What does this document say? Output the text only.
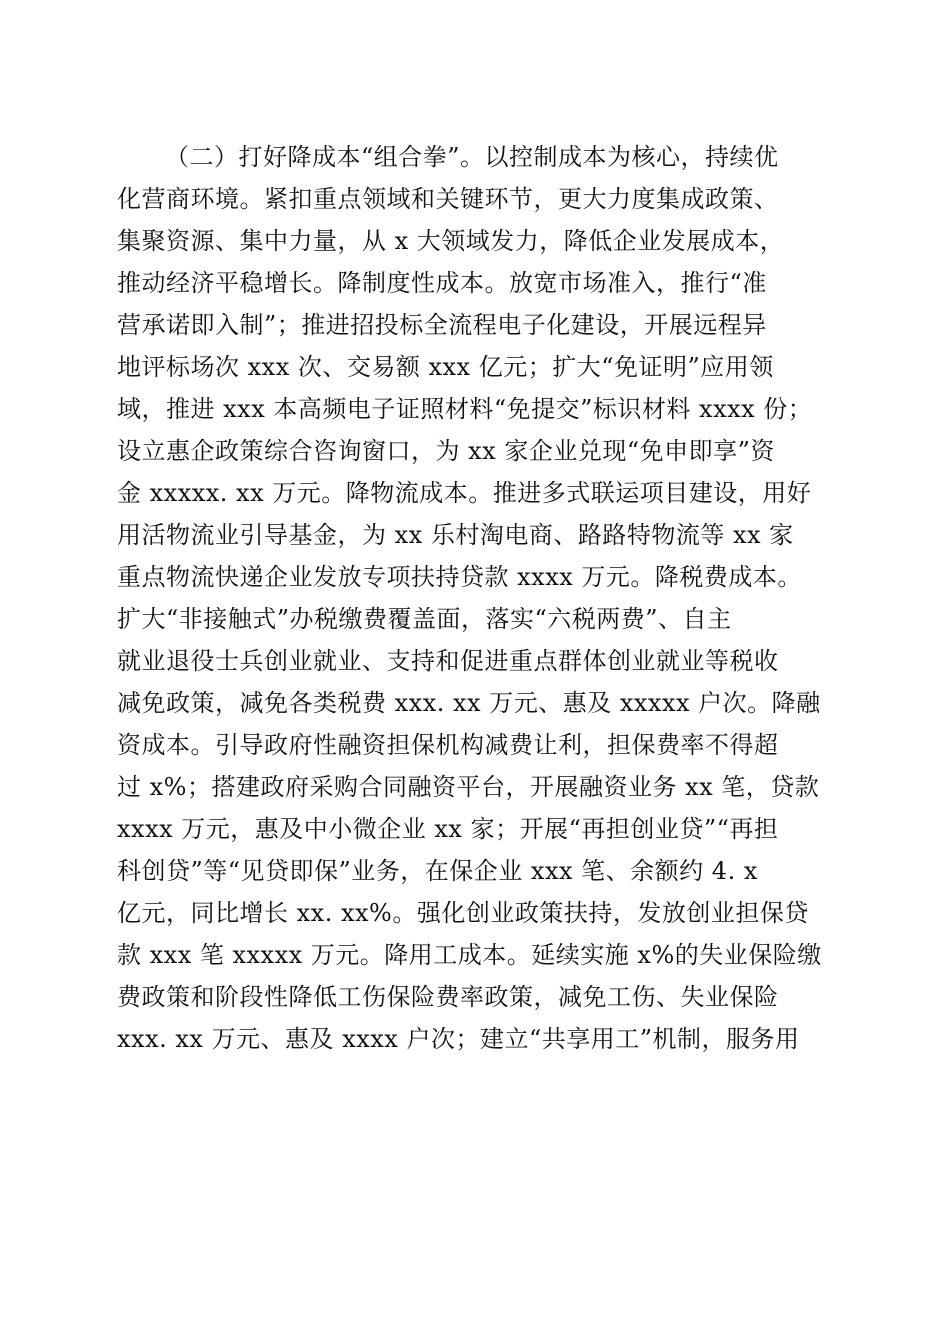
（二）打好降成本“组合拳”。以控制成本为核心，持续优
化营商环境。紧扣重点领域和关键环节，更大力度集成政策、
集聚资源、集中力量，从 x 大领域发力，降低企业发展成本，
推动经济平稳增长。降制度性成本。放宽市场准入，推行“准
营承诺即入制”；推进招投标全流程电子化建设，开展远程异
地评标场次 xxx 次、交易额 xxx 亿元；扩大“免证明”应用领
域，推进 xxx 本高频电子证照材料“免提交”标识材料 xxxx 份；
设立惠企政策综合咨询窗口，为 xx 家企业兑现“免申即享”资
金 xxxxx. xx 万元。降物流成本。推进多式联运项目建设，用好
用活物流业引导基金，为 xx 乐村淘电商、路路特物流等 xx 家
重点物流快递企业发放专项扶持贷款 xxxx 万元。降税费成本。
扩大“非接触式”办税缴费覆盖面，落实“六税两费”、自主
就业退役士兵创业就业、支持和促进重点群体创业就业等税收
减免政策，减免各类税费 xxx. xx 万元、惠及 xxxxx 户次。降融
资成本。引导政府性融资担保机构减费让利，担保费率不得超
过 x%；搭建政府采购合同融资平台，开展融资业务 xx 笔，贷款
xxxx 万元，惠及中小微企业 xx 家；开展“再担创业贷”“再担
科创贷”等“见贷即保”业务，在保企业 xxx 笔、余额约 4. x
亿元，同比增长 xx. xx%。强化创业政策扶持，发放创业担保贷
款 xxx 笔 xxxxx 万元。降用工成本。延续实施 x%的失业保险缴
费政策和阶段性降低工伤保险费率政策，减免工伤、失业保险
xxx. xx 万元、惠及 xxxx 户次；建立“共享用工”机制，服务用
